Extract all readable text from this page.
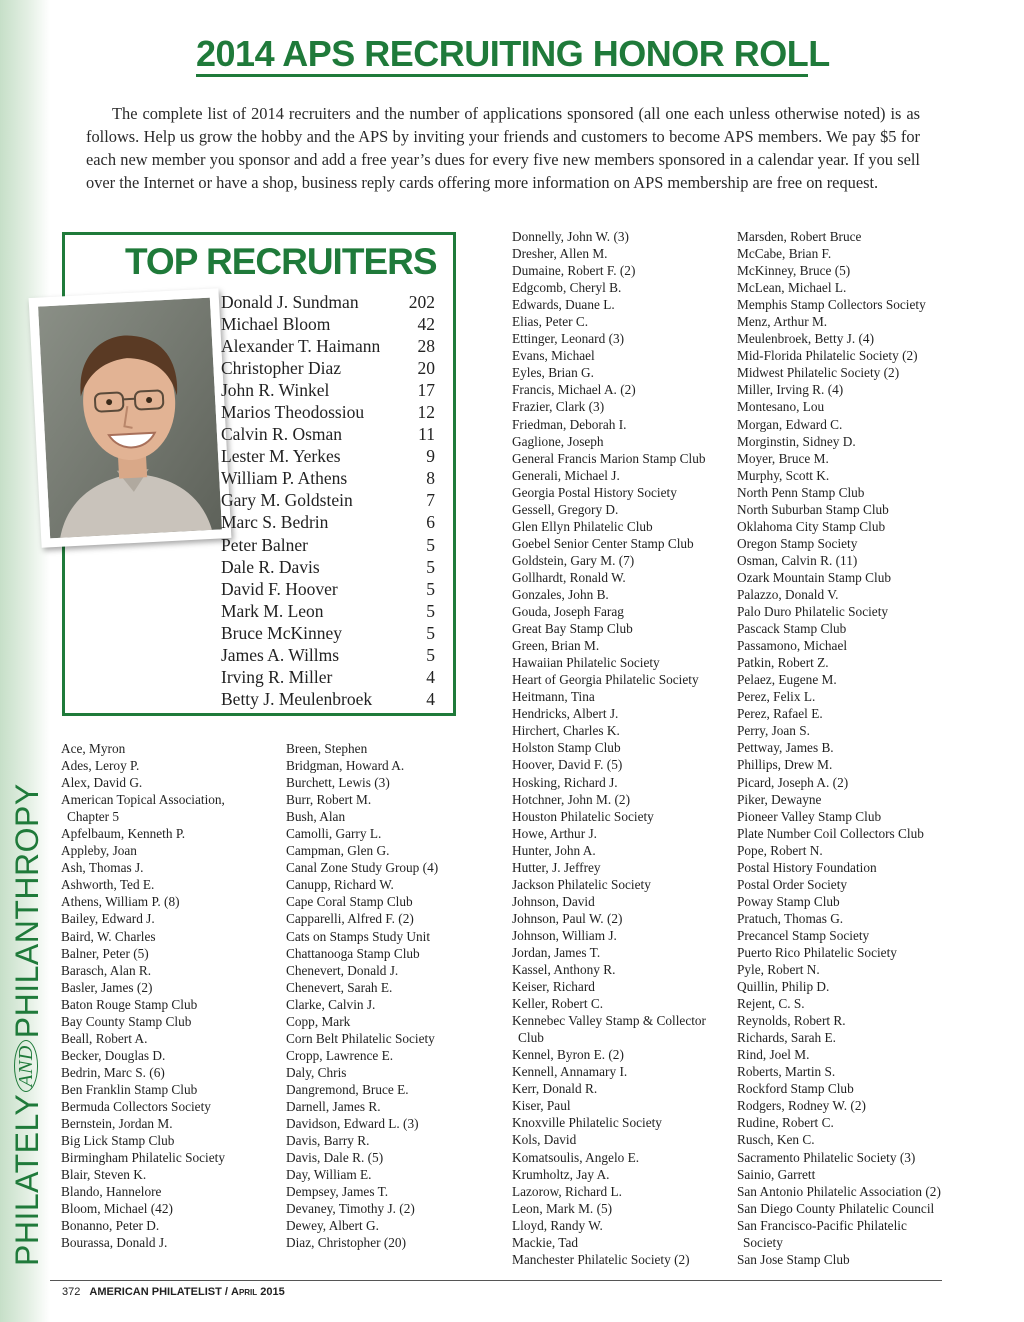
PHILATELYANDPHILANTHROPY
2014 APS RECRUITING HONOR ROLL

The complete list of 2014 recruiters and the number of applications sponsored (all one each unless otherwise noted) is as follows. Help us grow the hobby and the APS by inviting your friends and customers to become APS members. We pay $5 for each new member you sponsor and add a free year’s dues for every five new members sponsored in a calendar year. If you sell over the Internet or have a shop, business reply cards offering more information on APS membership are free on request.

TOP RECRUITERS
Donald J. Sundman	202
Michael Bloom	42
Alexander T. Haimann 28
Christopher Diaz	20
John R. Winkel	17
Marios Theodossiou	12
Calvin R. Osman	11
Lester M. Yerkes	9
William P. Athens	8
Gary M. Goldstein	7
Marc S. Bedrin	6
Peter Balner	5
Dale R. Davis	5
David F. Hoover	5
Mark M. Leon	5
Bruce McKinney	5
James A. Willms	5
Irving R. Miller	4
Betty J. Meulenbroek	4
Ace, Myron
Ades, Leroy P.
Alex, David G.
American Topical Association,
Chapter 5
Apfelbaum, Kenneth P.
Appleby, Joan
Ash, Thomas J.
Ashworth, Ted E.
Athens, William P. (8)
Bailey, Edward J.
Baird, W. Charles
Balner, Peter (5)
Barasch, Alan R.
Basler, James (2)
Baton Rouge Stamp Club
Bay County Stamp Club
Beall, Robert A.
Becker, Douglas D.
Bedrin, Marc S. (6)
Ben Franklin Stamp Club
Bermuda Collectors Society
Bernstein, Jordan M.
Big Lick Stamp Club
Birmingham Philatelic Society
Blair, Steven K.
Blando, Hannelore
Bloom, Michael (42)
Bonanno, Peter D.
Bourassa, Donald J.
Breen, Stephen
Bridgman, Howard A.
Burchett, Lewis (3)
Burr, Robert M.
Bush, Alan
Camolli, Garry L.
Campman, Glen G.
Canal Zone Study Group (4)
Canupp, Richard W.
Cape Coral Stamp Club
Capparelli, Alfred F. (2)
Cats on Stamps Study Unit
Chattanooga Stamp Club
Chenevert, Donald J.
Chenevert, Sarah E.
Clarke, Calvin J.
Copp, Mark
Corn Belt Philatelic Society
Cropp, Lawrence E.
Daly, Chris
Dangremond, Bruce E.
Darnell, James R.
Davidson, Edward L. (3)
Davis, Barry R.
Davis, Dale R. (5)
Day, William E.
Dempsey, James T.
Devaney, Timothy J. (2)
Dewey, Albert G.
Diaz, Christopher (20)
Donnelly, John W. (3)
Dresher, Allen M.
Dumaine, Robert F. (2)
Edgcomb, Cheryl B.
Edwards, Duane L.
Elias, Peter C.
Ettinger, Leonard (3)
Evans, Michael
Eyles, Brian G.
Francis, Michael A. (2)
Frazier, Clark (3)
Friedman, Deborah I.
Gaglione, Joseph
General Francis Marion Stamp Club
Generali, Michael J.
Georgia Postal History Society
Gessell, Gregory D.
Glen Ellyn Philatelic Club
Goebel Senior Center Stamp Club
Goldstein, Gary M. (7)
Gollhardt, Ronald W.
Gonzales, John B.
Gouda, Joseph Farag
Great Bay Stamp Club
Green, Brian M.
Hawaiian Philatelic Society
Heart of Georgia Philatelic Society
Heitmann, Tina
Hendricks, Albert J.
Hirchert, Charles K.
Holston Stamp Club
Hoover, David F. (5)
Hosking, Richard J.
Hotchner, John M. (2)
Houston Philatelic Society
Howe, Arthur J.
Hunter, John A.
Hutter, J. Jeffrey
Jackson Philatelic Society
Johnson, David
Johnson, Paul W. (2)
Johnson, William J.
Jordan, James T.
Kassel, Anthony R.
Keiser, Richard
Keller, Robert C.
Kennebec Valley Stamp & Collector
Club
Kennel, Byron E. (2)
Kennell, Annamary I.
Kerr, Donald R.
Kiser, Paul
Knoxville Philatelic Society
Kols, David
Komatsoulis, Angelo E.
Krumholtz, Jay A.
Lazorow, Richard L.
Leon, Mark M. (5)
Lloyd, Randy W.
Mackie, Tad
Manchester Philatelic Society (2)
Marsden, Robert Bruce
McCabe, Brian F.
McKinney, Bruce (5)
McLean, Michael L.
Memphis Stamp Collectors Society
Menz, Arthur M.
Meulenbroek, Betty J. (4)
Mid-Florida Philatelic Society (2)
Midwest Philatelic Society (2)
Miller, Irving R. (4)
Montesano, Lou
Morgan, Edward C.
Morginstin, Sidney D.
Moyer, Bruce M.
Murphy, Scott K.
North Penn Stamp Club
North Suburban Stamp Club
Oklahoma City Stamp Club
Oregon Stamp Society
Osman, Calvin R. (11)
Ozark Mountain Stamp Club
Palazzo, Donald V.
Palo Duro Philatelic Society
Pascack Stamp Club
Passamono, Michael
Patkin, Robert Z.
Pelaez, Eugene M.
Perez, Felix L.
Perez, Rafael E.
Perry, Joan S.
Pettway, James B.
Phillips, Drew M.
Picard, Joseph A. (2)
Piker, Dewayne
Pioneer Valley Stamp Club
Plate Number Coil Collectors Club
Pope, Robert N.
Postal History Foundation
Postal Order Society
Poway Stamp Club
Pratuch, Thomas G.
Precancel Stamp Society
Puerto Rico Philatelic Society
Pyle, Robert N.
Quillin, Philip D.
Rejent, C. S.
Reynolds, Robert R.
Richards, Sarah E.
Rind, Joel M.
Roberts, Martin S.
Rockford Stamp Club
Rodgers, Rodney W. (2)
Rudine, Robert C.
Rusch, Ken C.
Sacramento Philatelic Society (3)
Sainio, Garrett
San Antonio Philatelic Association (2)
San Diego County Philatelic Council
San Francisco-Pacific Philatelic
Society
San Jose Stamp Club
372 AMERICAN PHILATELIST / April 2015
